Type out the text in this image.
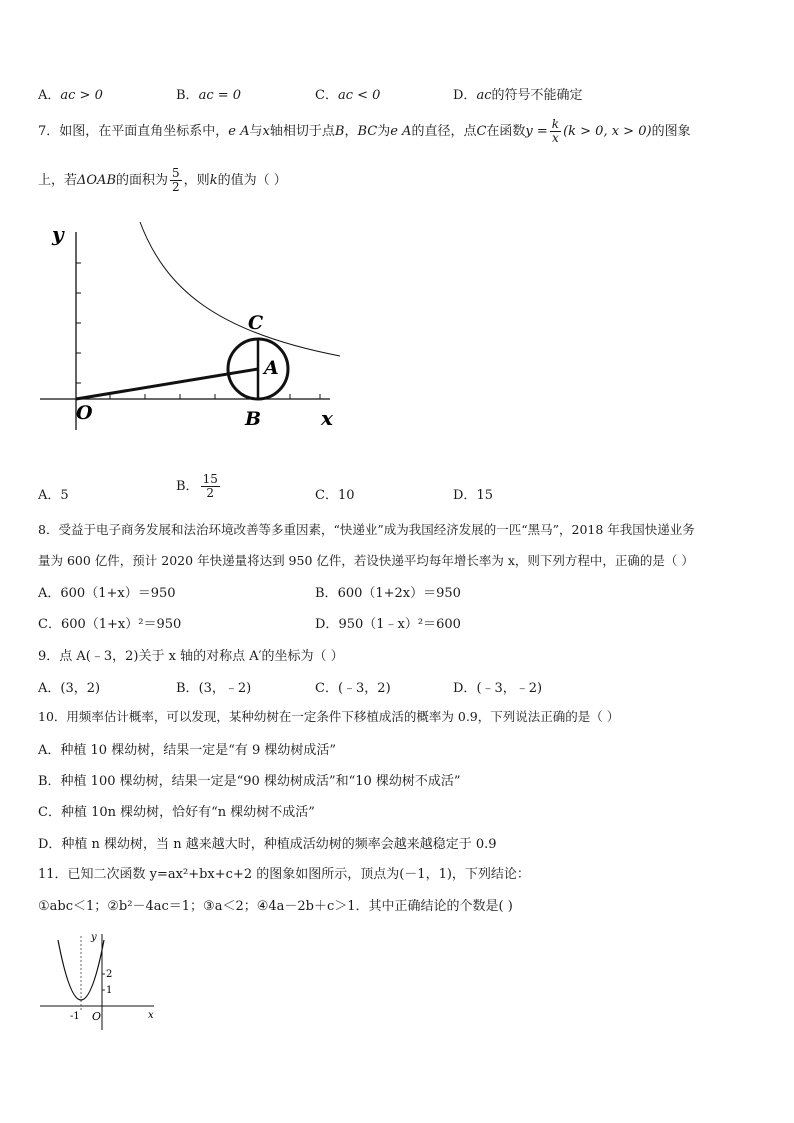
A．ac > 0	B．ac = 0	C．ac < 0	D．ac的符号不能确定
7．如图，在平面直角坐标系中，e A与x轴相切于点B，BC为e A的直径，点C在函数$y = \frac{k}{x} (k > 0$, x > 0)的图象
上，若ΔOAB的面积为 $\frac{5}{2}$ ，则k的值为（ ）
y
C
A
O	B	x
A．5
B． $\frac{15}{2}$	C．10	D．15
8．受益于电子商务发展和法治环境改善等多重因素，“快递业”成为我国经济发展的一匹“黑马”，2018 年我国快递业务
量为 600 亿件，预计 2020 年快递量将达到 950 亿件，若设快递平均每年增长率为 x，则下列方程中，正确的是（ ）
A．600（1+x）＝950	B．600（1+2x）＝950
C．600（1+x）²＝950	D．950（1﹣x）²＝600
9．点 A(﹣3，2)关于 x 轴的对称点 A′的坐标为（ ）
A．(3，2)	B．(3，﹣2)	C．(﹣3，2)	D．(﹣3，﹣2)
10．用频率估计概率，可以发现，某种幼树在一定条件下移植成活的概率为 0.9，下列说法正确的是（ ）
A．种植 10 棵幼树，结果一定是“有 9 棵幼树成活”
B．种植 100 棵幼树，结果一定是“90 棵幼树成活”和“10 棵幼树不成活”
C．种植 10n 棵幼树，恰好有“n 棵幼树不成活”
D．种植 n 棵幼树，当 n 越来越大时，种植成活幼树的频率会越来越稳定于 0.9
11．已知二次函数 y=ax²+bx+c+2 的图象如图所示，顶点为(－1，1)，下列结论：
①abc＜1；②b²－4ac＝1；③a＜2；④4a－2b＋c＞1．其中正确结论的个数是( )
y
2
1
-1 O	x
